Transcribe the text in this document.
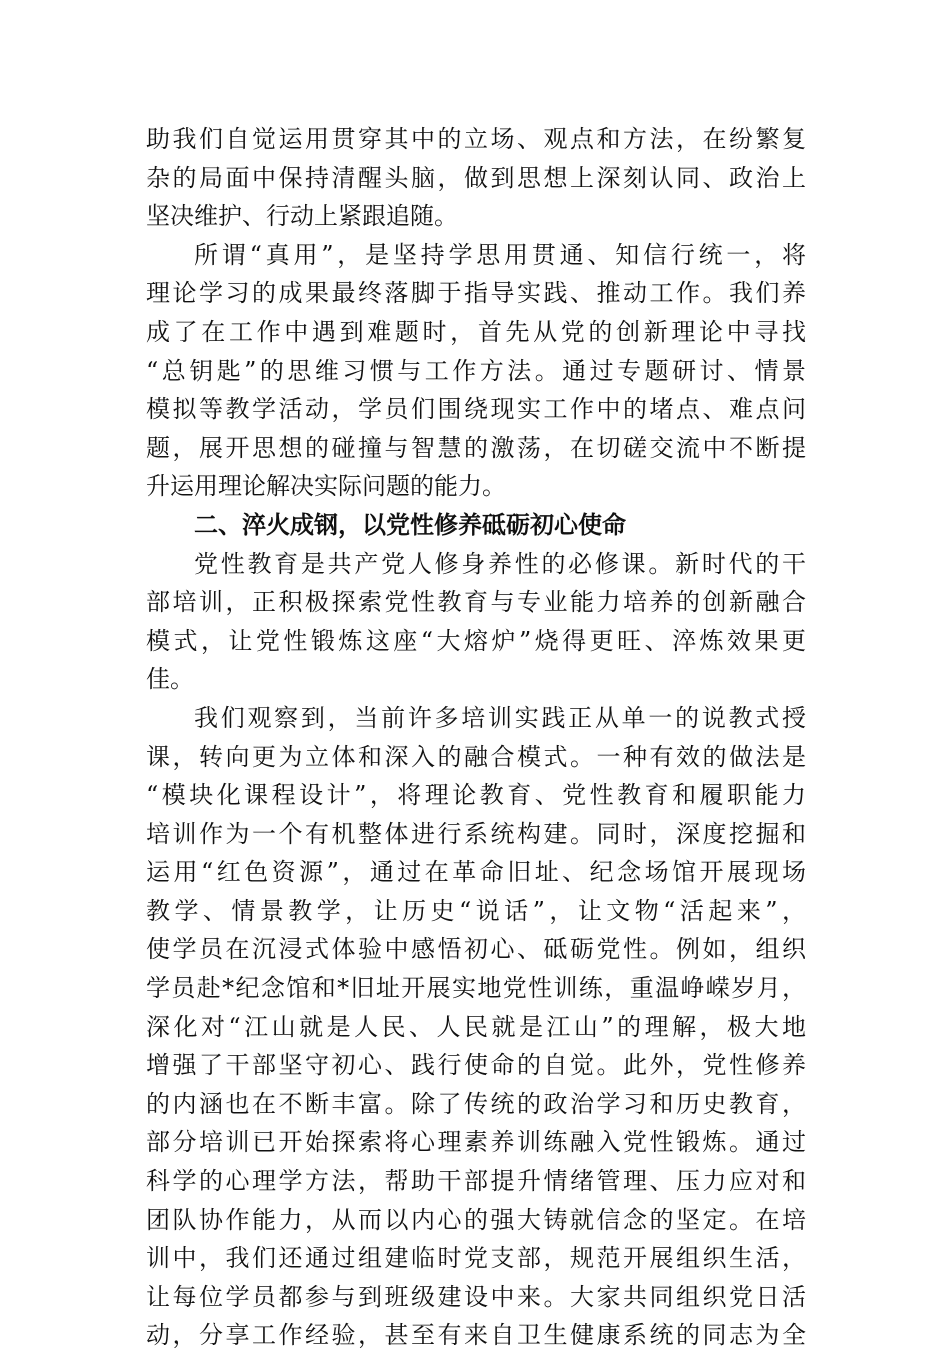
助我们自觉运用贯穿其中的立场、观点和方法，在纷繁复
杂的局面中保持清醒头脑，做到思想上深刻认同、政治上
坚决维护、行动上紧跟追随。
所谓“真用”，是坚持学思用贯通、知信行统一，将
理论学习的成果最终落脚于指导实践、推动工作。我们养
成了在工作中遇到难题时，首先从党的创新理论中寻找
“总钥匙”的思维习惯与工作方法。通过专题研讨、情景
模拟等教学活动，学员们围绕现实工作中的堵点、难点问
题，展开思想的碰撞与智慧的激荡，在切磋交流中不断提
升运用理论解决实际问题的能力。
二、淬火成钢，以党性修养砥砺初心使命
党性教育是共产党人修身养性的必修课。新时代的干
部培训，正积极探索党性教育与专业能力培养的创新融合
模式，让党性锻炼这座“大熔炉”烧得更旺、淬炼效果更
佳。
我们观察到，当前许多培训实践正从单一的说教式授
课，转向更为立体和深入的融合模式。一种有效的做法是
“模块化课程设计”，将理论教育、党性教育和履职能力
培训作为一个有机整体进行系统构建。同时，深度挖掘和
运用“红色资源”，通过在革命旧址、纪念场馆开展现场
教学、情景教学，让历史“说话”，让文物“活起来”，
使学员在沉浸式体验中感悟初心、砥砺党性。例如，组织
学员赴*纪念馆和*旧址开展实地党性训练，重温峥嵘岁月，
深化对“江山就是人民、人民就是江山”的理解，极大地
增强了干部坚守初心、践行使命的自觉。此外，党性修养
的内涵也在不断丰富。除了传统的政治学习和历史教育，
部分培训已开始探索将心理素养训练融入党性锻炼。通过
科学的心理学方法，帮助干部提升情绪管理、压力应对和
团队协作能力，从而以内心的强大铸就信念的坚定。在培
训中，我们还通过组建临时党支部，规范开展组织生活，
让每位学员都参与到班级建设中来。大家共同组织党日活
动，分享工作经验，甚至有来自卫生健康系统的同志为全
